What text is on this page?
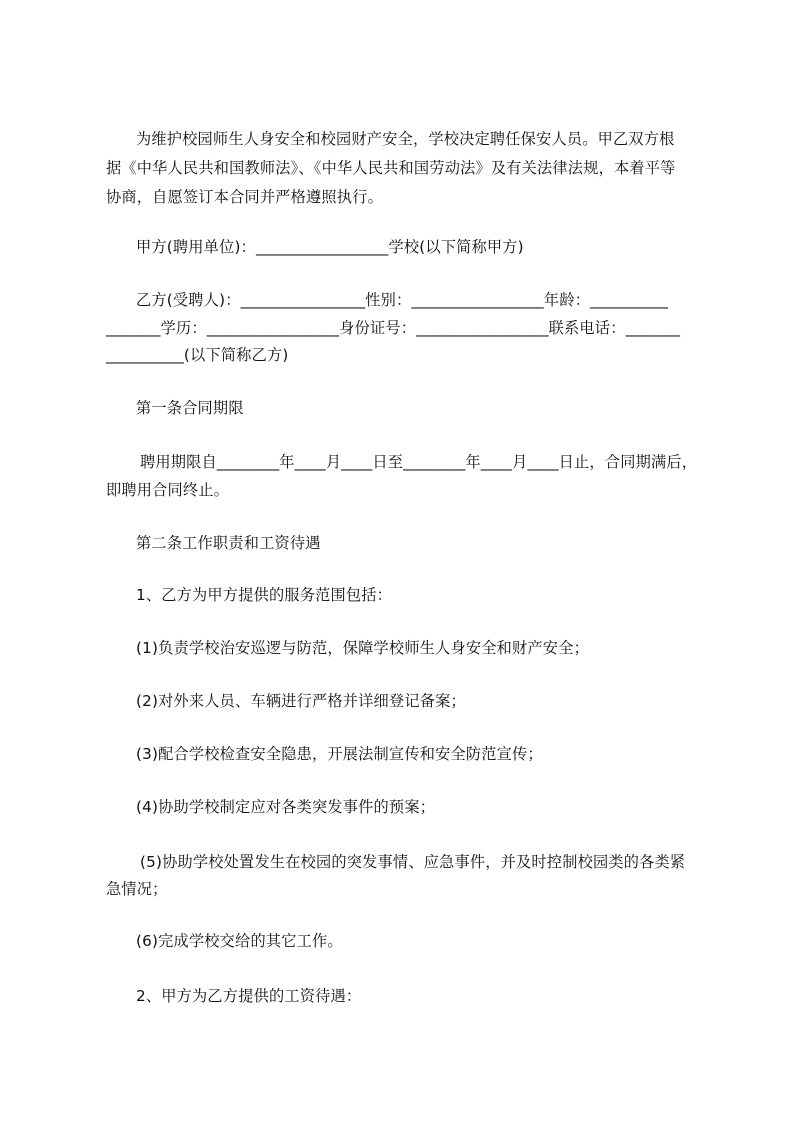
为维护校园师生人身安全和校园财产安全，学校决定聘任保安人员。甲乙双方根
据《中华人民共和国教师法》、《中华人民共和国劳动法》及有关法律法规，本着平等
协商，自愿签订本合同并严格遵照执行。
甲方(聘用单位)：_________________学校(以下简称甲方)
乙方(受聘人)：________________性别：_________________年龄：__________
_______学历：_________________身份证号：_________________联系电话：_______
__________(以下简称乙方)
第一条合同期限
聘用期限自________年____月____日至________年____月____日止，合同期满后，
即聘用合同终止。
第二条工作职责和工资待遇
1、乙方为甲方提供的服务范围包括：
(1)负责学校治安巡逻与防范，保障学校师生人身安全和财产安全；
(2)对外来人员、车辆进行严格并详细登记备案；
(3)配合学校检查安全隐患，开展法制宣传和安全防范宣传；
(4)协助学校制定应对各类突发事件的预案；
(5)协助学校处置发生在校园的突发事情、应急事件，并及时控制校园类的各类紧
急情况；
(6)完成学校交给的其它工作。
2、甲方为乙方提供的工资待遇：
